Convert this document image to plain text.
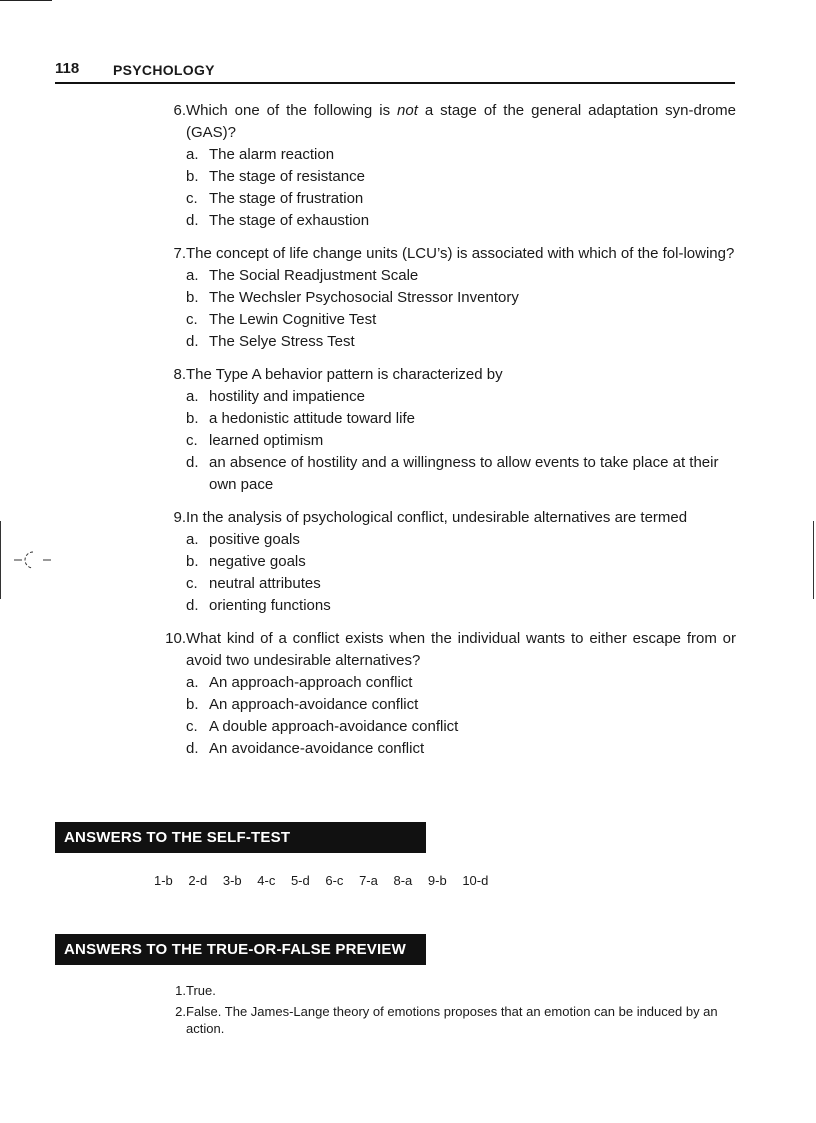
118 PSYCHOLOGY
6. Which one of the following is not a stage of the general adaptation syn-drome (GAS)?
a. The alarm reaction
b. The stage of resistance
c. The stage of frustration
d. The stage of exhaustion
7. The concept of life change units (LCU’s) is associated with which of the fol-lowing?
a. The Social Readjustment Scale
b. The Wechsler Psychosocial Stressor Inventory
c. The Lewin Cognitive Test
d. The Selye Stress Test
8. The Type A behavior pattern is characterized by
a. hostility and impatience
b. a hedonistic attitude toward life
c. learned optimism
d. an absence of hostility and a willingness to allow events to take place at their own pace
9. In the analysis of psychological conflict, undesirable alternatives are termed
a. positive goals
b. negative goals
c. neutral attributes
d. orienting functions
10. What kind of a conflict exists when the individual wants to either escape from or avoid two undesirable alternatives?
a. An approach-approach conflict
b. An approach-avoidance conflict
c. A double approach-avoidance conflict
d. An avoidance-avoidance conflict
ANSWERS TO THE SELF-TEST
1-b 2-d 3-b 4-c 5-d 6-c 7-a 8-a 9-b 10-d
ANSWERS TO THE TRUE-OR-FALSE PREVIEW QUIZ
1. True.
2. False. The James-Lange theory of emotions proposes that an emotion can be induced by an action.
